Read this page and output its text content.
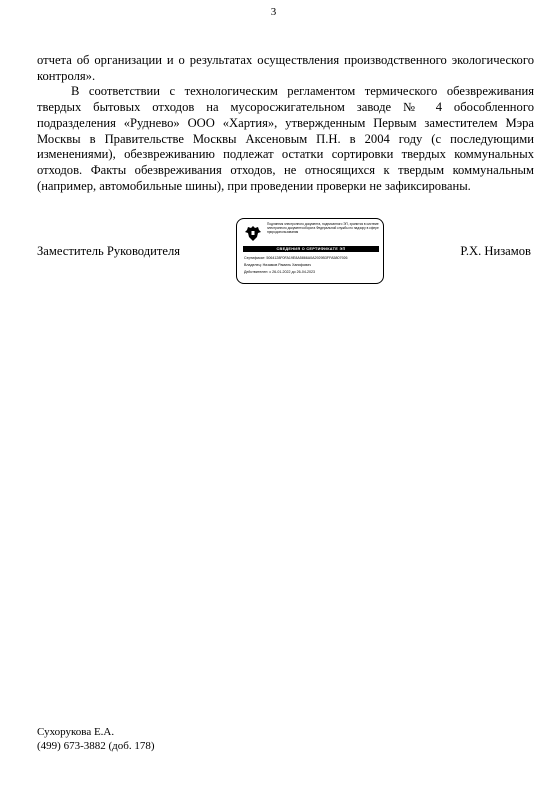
3

отчета об организации и о результатах осуществления производственного экологического контроля».

В соответствии с технологическим регламентом термического обезвреживания твердых бытовых отходов на мусоросжигательном заводе № 4 обособленного подразделения «Руднево» ООО «Хартия», утвержденным Первым заместителем Мэра Москвы в Правительстве Москвы Аксеновым П.Н. в 2004 году (с последующими изменениями), обезвреживанию подлежат остатки сортировки твердых коммунальных отходов. Факты обезвреживания отходов, не относящихся к твердым коммунальным (например, автомобильные шины), при проведении проверки не зафиксированы.

Заместитель Руководителя
Подлинник электронного документа, подписанного ЭП, хранится в системе электронного документооборота Федеральной службы по надзору в сфере природопользования
СВЕДЕНИЯ О СЕРТИФИКАТЕ ЭП
Сертификат: 5064128F0FA19E8A5866A0A2929B3FFA5807926
Владелец: Низамов Рамиль Ханифович
Действителен: с 26-01-2022 до 26-04-2023
Р.Х. Низамов
Сухорукова Е.А.
(499) 673-3882 (доб. 178)
